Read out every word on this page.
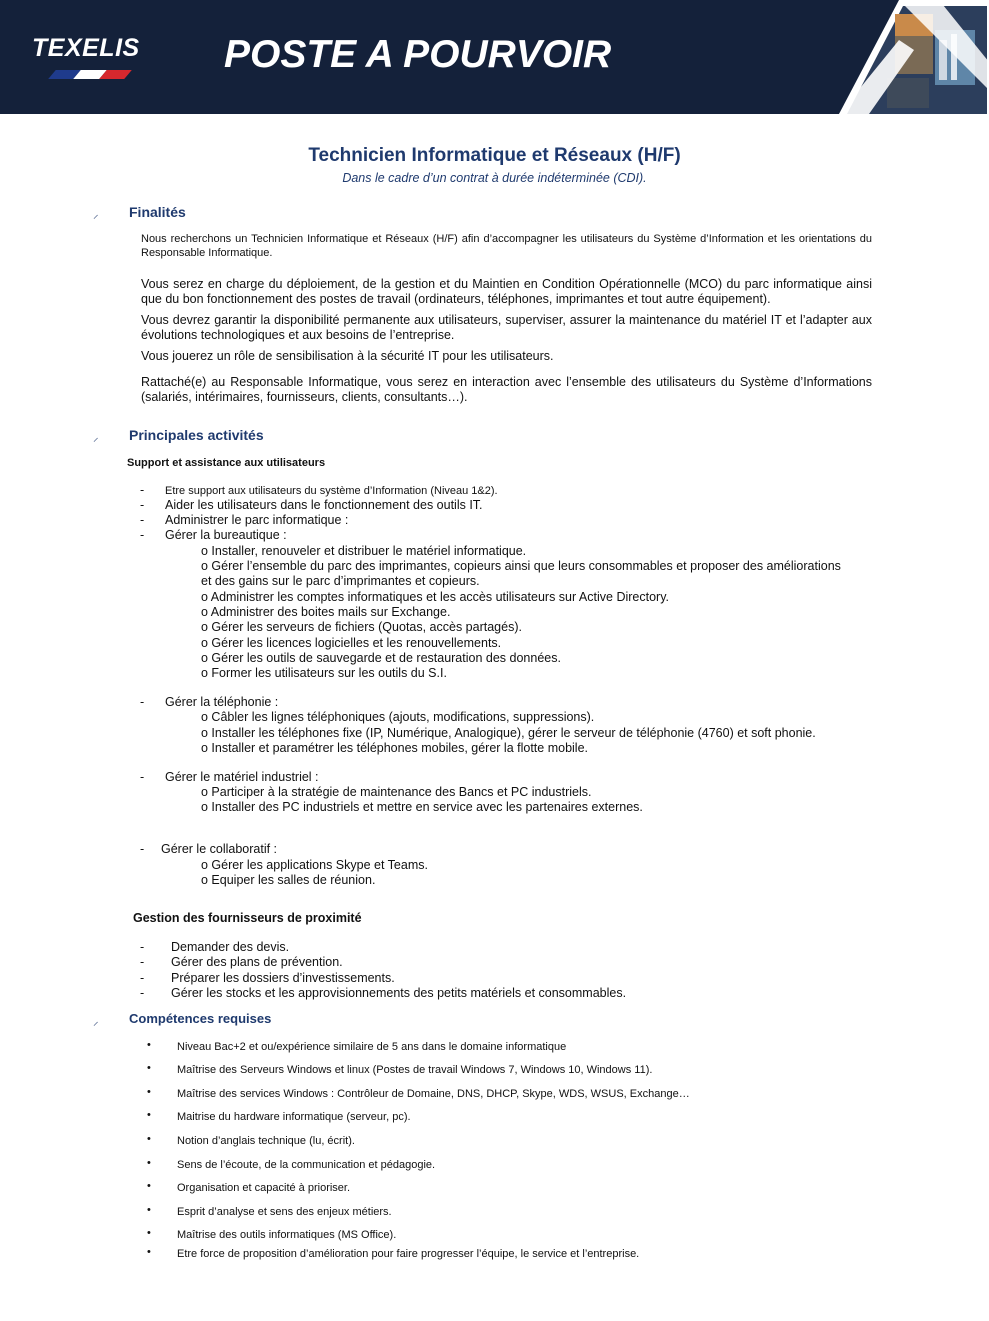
TEXELIS POSTE A POURVOIR
Technicien Informatique et Réseaux (H/F)
Dans le cadre d’un contrat à durée indéterminée (CDI).
⸝ Finalités
Nous recherchons un Technicien Informatique et Réseaux (H/F) afin d’accompagner les utilisateurs du Système d’Information et les orientations du Responsable Informatique.
Vous serez en charge du déploiement, de la gestion et du Maintien en Condition Opérationnelle (MCO) du parc informatique ainsi que du bon fonctionnement des postes de travail (ordinateurs, téléphones, imprimantes et tout autre équipement).
Vous devrez garantir la disponibilité permanente aux utilisateurs, superviser, assurer la maintenance du matériel IT et l’adapter aux évolutions technologiques et aux besoins de l’entreprise.
Vous jouerez un rôle de sensibilisation à la sécurité IT pour les utilisateurs.
Rattaché(e) au Responsable Informatique, vous serez en interaction avec l’ensemble des utilisateurs du Système d’Informations (salariés, intérimaires, fournisseurs, clients, consultants…).
⸝ Principales activités
Support et assistance aux utilisateurs
- Etre support aux utilisateurs du système d’Information (Niveau 1&2).
- Aider les utilisateurs dans le fonctionnement des outils IT.
- Administrer le parc informatique :
- Gérer la bureautique :
o Installer, renouveler et distribuer le matériel informatique.
o Gérer l’ensemble du parc des imprimantes, copieurs ainsi que leurs consommables et proposer des améliorations
et des gains sur le parc d’imprimantes et copieurs.
o Administrer les comptes informatiques et les accès utilisateurs sur Active Directory.
o Administrer des boites mails sur Exchange.
o Gérer les serveurs de fichiers (Quotas, accès partagés).
o Gérer les licences logicielles et les renouvellements.
o Gérer les outils de sauvegarde et de restauration des données.
o Former les utilisateurs sur les outils du S.I.
- Gérer la téléphonie :
o Câbler les lignes téléphoniques (ajouts, modifications, suppressions).
o Installer les téléphones fixe (IP, Numérique, Analogique), gérer le serveur de téléphonie (4760) et soft phonie.
o Installer et paramétrer les téléphones mobiles, gérer la flotte mobile.
- Gérer le matériel industriel :
o Participer à la stratégie de maintenance des Bancs et PC industriels.
o Installer des PC industriels et mettre en service avec les partenaires externes.
- Gérer le collaboratif :
o Gérer les applications Skype et Teams.
o Equiper les salles de réunion.
Gestion des fournisseurs de proximité
- Demander des devis.
- Gérer des plans de prévention.
- Préparer les dossiers d’investissements.
- Gérer les stocks et les approvisionnements des petits matériels et consommables.
⸝ Compétences requises
• Niveau Bac+2 et ou/expérience similaire de 5 ans dans le domaine informatique
• Maîtrise des Serveurs Windows et linux (Postes de travail Windows 7, Windows 10, Windows 11).
• Maîtrise des services Windows : Contrôleur de Domaine, DNS, DHCP, Skype, WDS, WSUS, Exchange…
• Maitrise du hardware informatique (serveur, pc).
• Notion d’anglais technique (lu, écrit).
• Sens de l’écoute, de la communication et pédagogie.
• Organisation et capacité à prioriser.
• Esprit d’analyse et sens des enjeux métiers.
• Maîtrise des outils informatiques (MS Office).
• Etre force de proposition d’amélioration pour faire progresser l’équipe, le service et l’entreprise.
